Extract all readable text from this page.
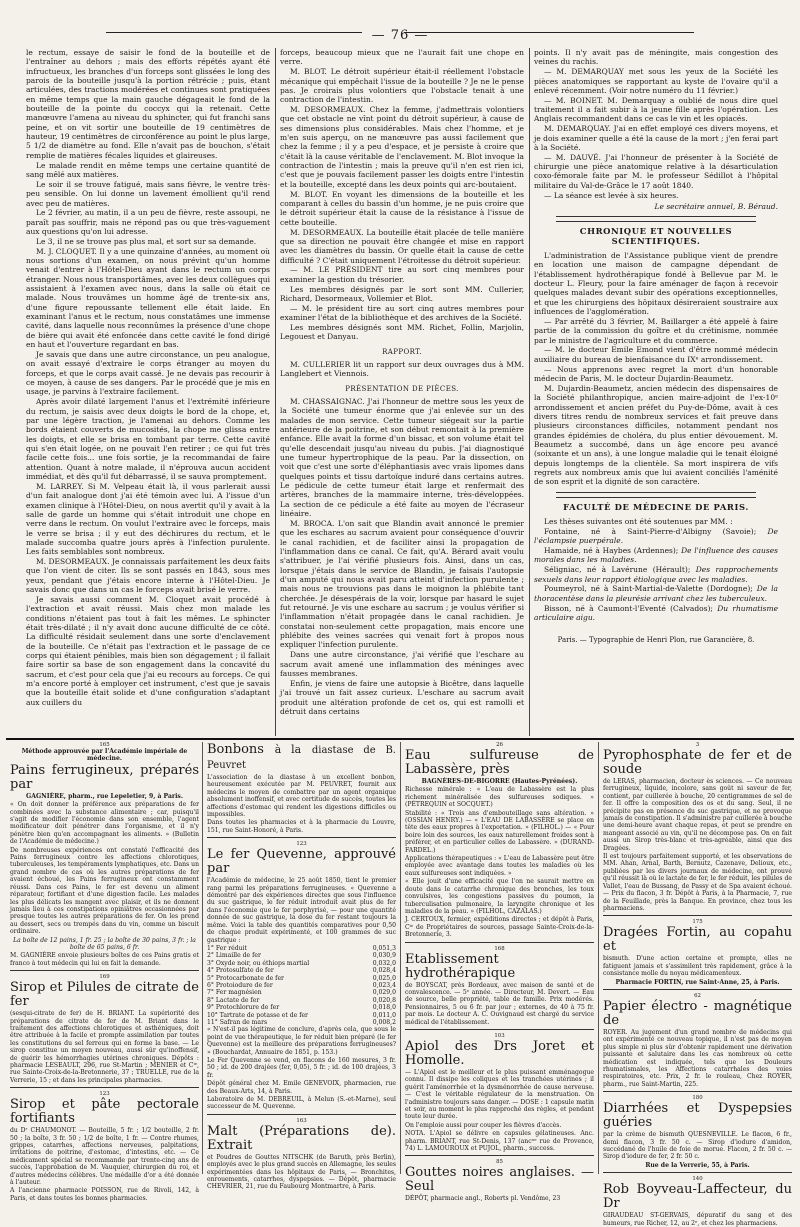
— 76 —

le rectum, essaye de saisir le fond de la bouteille et de l'entraîner au dehors ; mais des efforts répétés ayant été infructueux, les branches d'un forceps sont glissées le long des parois de la bouteille jusqu'à la portion rétrécie ; puis, étant articulées, des tractions modérées et continues sont pratiquées en même temps que la main gauche dégageait le fond de la bouteille de la pointe du coccyx qui la retenait. Cette manœuvre l'amena au niveau du sphincter, qui fut franchi sans peine, et on vit sortir une bouteille de 19 centimètres de hauteur, 19 centimètres de circonférence au point le plus large, 5 1/2 de diamètre au fond. Elle n'avait pas de bouchon, s'était remplie de matières fécales liquides et glaireuses.

Le malade rendit en même temps une certaine quantité de sang mêlé aux matières.

Le soir il se trouve fatigué, mais sans fièvre, le ventre très-peu sensible. On lui donne un lavement émollient qu'il rend avec peu de matières.

Le 2 février, au matin, il a un peu de fièvre, reste assoupi, ne paraît pas souffrir, mais ne répond pas ou que très-vaguement aux questions qu'on lui adresse.

Le 3, il ne se trouve pas plus mal, et sort sur sa demande.

M. J. CLOQUET. Il y a une quinzaine d'années, au moment où nous sortions d'un examen, on nous prévint qu'un homme venait d'entrer à l'Hôtel-Dieu ayant dans le rectum un corps étranger. Nous nous transportâmes, avec les deux collègues qui assistaient à l'examen avec nous, dans la salle où était ce malade. Nous trouvâmes un homme âgé de trente-six ans, d'une figure repoussante tellement elle était laide. En examinant l'anus et le rectum, nous constatâmes une immense cavité, dans laquelle nous reconnûmes la présence d'une chope de bière qui avait été enfoncée dans cette cavité le fond dirigé en haut et l'ouverture regardant en bas.

Je savais que dans une autre circonstance, un peu analogue, on avait essayé d'extraire le corps étranger au moyen du forceps, et que le corps avait cassé. Je ne devais pas recourir à ce moyen, à cause de ses dangers. Par le procédé que je mis en usage, je parvins à l'extraire facilement.

Après avoir dilaté largement l'anus et l'extrémité inférieure du rectum, je saisis avec deux doigts le bord de la chope, et, par une légère traction, je l'amenai au dehors. Comme les bords étaient couverts de mucosités, la chope me glissa entre les doigts, et elle se brisa en tombant par terre. Cette cavité qui s'en était logée, on ne pouvait l'en retirer ; ce qui fut très facile cette fois... une fois sortie, je la recommandai de faire attention. Quant à notre malade, il n'éprouva aucun accident immédiat, et dès qu'il fut débarrassé, il se sauva promptement.

M. LARREY. Si M. Velpeau était là, il vous parlerait aussi d'un fait analogue dont j'ai été témoin avec lui. A l'issue d'un examen clinique à l'Hôtel-Dieu, on nous avertit qu'il y avait à la salle de garde un homme qui s'était introduit une chope en verre dans le rectum. On voulut l'extraire avec le forceps, mais le verre se brisa ; il y eut des déchirures du rectum, et le malade succomba quatre jours après à l'infection purulente. Les faits semblables sont nombreux.

M. DESORMEAUX. Je connaissais parfaitement les deux faits que l'on vient de citer. Ils se sont passés en 1843, sous mes yeux, pendant que j'étais encore interne à l'Hôtel-Dieu. Je savais donc que dans un cas le forceps avait brisé le verre.

Je savais aussi comment M. Cloquet avait procédé à l'extraction et avait réussi. Mais chez mon malade les conditions n'étaient pas tout à fait les mêmes. Le sphincter était très-dilaté ; il n'y avait donc aucune difficulté de ce côté. La difficulté résidait seulement dans une sorte d'enclavement de la bouteille. Ce n'était pas l'extraction et le passage de ce corps qui étaient pénibles, mais bien son dégagement ; il fallait faire sortir sa base de son engagement dans la concavité du sacrum, et c'est pour cela que j'ai eu recours au forceps. Ce qui m'a encore porté à employer cet instrument, c'est que je savais que la bouteille était solide et d'une configuration s'adaptant aux cuillers du

forceps, beaucoup mieux que ne l'aurait fait une chope en verre.

M. BLOT. Le détroit supérieur était-il réellement l'obstacle mécanique qui empêchait l'issue de la bouteille ? Je ne le pense pas. Je croirais plus volontiers que l'obstacle tenait à une contraction de l'intestin.

M. DESORMEAUX. Chez la femme, j'admettrais volontiers que cet obstacle ne vînt point du détroit supérieur, à cause de ses dimensions plus considérables. Mais chez l'homme, et je m'en suis aperçu, on ne manœuvre pas aussi facilement que chez la femme ; il y a peu d'espace, et je persiste à croire que c'était là la cause véritable de l'enclavement. M. Blot invoque la contraction de l'intestin ; mais la preuve qu'il n'en est rien ici, c'est que je pouvais facilement passer les doigts entre l'intestin et la bouteille, excepté dans les deux points qui arc-boutaient.

M. BLOT. En voyant les dimensions de la bouteille et les comparant à celles du bassin d'un homme, je ne puis croire que le détroit supérieur était la cause de la résistance à l'issue de cette bouteille.

M. DESORMEAUX. La bouteille était placée de telle manière que sa direction ne pouvait être changée et mise en rapport avec les diamètres du bassin. Or quelle était la cause de cette difficulté ? C'était uniquement l'étroitesse du détroit supérieur.

— M. LE PRÉSIDENT tire au sort cinq membres pour examiner la gestion du trésorier.

Les membres désignés par le sort sont MM. Cullerier, Richard, Desormeaux, Vollemier et Blot.

— M. le président tire au sort cinq autres membres pour examiner l'état de la bibliothèque et des archives de la Société.

Les membres désignés sont MM. Richet, Follin, Marjolin, Legouest et Danyau.

RAPPORT.

M. CULLERIER lit un rapport sur deux ouvrages dus à MM. Langlebert et Viennois.

PRÉSENTATION DE PIÈCES.

M. CHASSAIGNAC. J'ai l'honneur de mettre sous les yeux de la Société une tumeur énorme que j'ai enlevée sur un des malades de mon service. Cette tumeur siégeait sur la partie antérieure de la poitrine, et son début remontait à la première enfance. Elle avait la forme d'un bissac, et son volume était tel qu'elle descendait jusqu'au niveau du pubis. J'ai diagnostiqué une tumeur hypertrophique de la peau. Par la dissection, on voit que c'est une sorte d'éléphantiasis avec vrais lipomes dans quelques points et tissu dartoïque induré dans certains autres. Le pédicule de cette tumeur était large et renfermait des artères, branches de la mammaire interne, très-développées. La section de ce pédicule a été faite au moyen de l'écraseur linéaire.

M. BROCA. L'on sait que Blandin avait annoncé le premier que les eschares au sacrum avaient pour conséquence d'ouvrir le canal rachidien, et de faciliter ainsi la propagation de l'inflammation dans ce canal. Ce fait, qu'A. Bérard avait voulu s'attribuer, je l'ai vérifié plusieurs fois. Ainsi, dans un cas, lorsque j'étais dans le service de Blandin, je faisais l'autopsie d'un amputé qui nous avait paru atteint d'infection purulente ; mais nous ne trouvions pas dans le moignon la phlébite tant cherchée. Je désespérais de la voir, lorsque par hasard le sujet fut retourné. Je vis une eschare au sacrum ; je voulus vérifier si l'inflammation n'était propagée dans le canal rachidien. Je constatai non-seulement cette propagation, mais encore une phlébite des veines sacrées qui venait fort à propos nous expliquer l'infection purulente.

Dans une autre circonstance, j'ai vérifié que l'eschare au sacrum avait amené une inflammation des méninges avec fausses membranes.

Enfin, je viens de faire une autopsie à Bicêtre, dans laquelle j'ai trouvé un fait assez curieux. L'eschare au sacrum avait produit une altération profonde de cet os, qui est ramolli et détruit dans certains

points. Il n'y avait pas de méningite, mais congestion des veines du rachis.

— M. DEMARQUAY met sous les yeux de la Société les pièces anatomiques se rapportant au kyste de l'ovaire qu'il a enlevé récemment. (Voir notre numéro du 11 février.)

— M. BOINET. M. Demarquay a oublié de nous dire quel traitement il a fait subir à la jeune fille après l'opération. Les Anglais recommandent dans ce cas le vin et les opiacés.

M. DEMARQUAY. J'ai en effet employé ces divers moyens, et je dois examiner quelle a été la cause de la mort ; j'en ferai part à la Société.

— M. DAUVÉ. J'ai l'honneur de présenter à la Société de chirurgie une pièce anatomique relative à la désarticulation coxo-fémorale faite par M. le professeur Sédillot à l'hôpital militaire du Val-de-Grâce le 17 août 1840.

— La séance est levée à six heures.

Le secrétaire annuel, B. Béraud.

CHRONIQUE ET NOUVELLES SCIENTIFIQUES.

L'administration de l'Assistance publique vient de prendre en location une maison de campagne dépendant de l'établissement hydrothérapique fondé à Bellevue par M. le docteur L. Fleury, pour la faire aménager de façon à recevoir quelques malades devant subir des opérations exceptionnelles, et que les chirurgiens des hôpitaux désireraient soustraire aux influences de l'agglomération.

— Par arrêté du 3 février, M. Baillarger a été appelé à faire partie de la commission du goître et du crétinisme, nommée par le ministre de l'agriculture et du commerce.

— M. le docteur Emile Emond vient d'être nommé médecin auxiliaire du bureau de bienfaisance du IXᵉ arrondissement.

— Nous apprenons avec regret la mort d'un honorable médecin de Paris, M. le docteur Dujardin-Beaumetz.

M. Dujardin-Beaumetz, ancien médecin des dispensaires de la Société philanthropique, ancien maire-adjoint de l'ex-10ᵉ arrondissement et ancien préfet du Puy-de-Dôme, avait à ces divers titres rendu de nombreux services et fait preuve dans plusieurs circonstances difficiles, notamment pendant nos grandes épidémies de choléra, du plus entier dévouement. M. Beaumetz a succombé, dans un âge encore peu avancé (soixante et un ans), à une longue maladie qui le tenait éloigné depuis longtemps de la clientèle. Sa mort inspirera de vifs regrets aux nombreux amis que lui avaient conciliés l'aménité de son esprit et la dignité de son caractère.

FACULTÉ DE MÉDECINE DE PARIS.

Les thèses suivantes ont été soutenues par MM. :

Fontaine, né à Saint-Pierre-d'Albigny (Savoie); De l'éclampsie puerpérale.

Hamaide, né à Haybes (Ardennes); De l'influence des causes morales dans les maladies.

Séligniac, né à Lavérune (Hérault); Des rapprochements sexuels dans leur rapport étiologique avec les maladies.

Poumeyrol, né à Saint-Martial-de-Valette (Dordogne); De la thoracentèse dans la pleurésie arrivant chez les tuberculeux.

Bisson, né à Caumont-l'Eventé (Calvados); Du rhumatisme articulaire aigu.

Paris. — Typographie de Henri Plon, rue Garancière, 8.

165
Méthode approuvée par l'Académie impériale de médecine.
Pains ferrugineux, préparés par

GAGNIÈRE, pharm., rue Lepeletier, 9, à Paris.

« On doit donner la préférence aux préparations de fer combinées avec la substance alimentaire ; car, puisqu'il s'agit de modifier l'économie dans son ensemble, l'agent modificateur doit pénétrer dans l'organisme, et il n'y pénètre bien qu'en accompagnant les aliments. » (Bulletin de l'Académie de médecine.)

De nombreuses expériences ont constaté l'efficacité des Pains ferrugineux contre les affections chlorotiques, tuberculeuses, les tempéraments lymphatiques, etc. Dans un grand nombre de cas où les autres préparations de fer avaient échoué, les Pains ferrugineux ont constamment réussi. Dans ces Pains, le fer est devenu un aliment réparateur, fortifiant et d'une digestion facile. Les malades les plus délicats les mangent avec plaisir, et ils ne donnent jamais lieu à ces constipations opiniâtres occasionnées par presque toutes les autres préparations de fer. On les prend au dessert, secs ou trempés dans du vin, comme un biscuit ordinaire.

La boîte de 12 pains, 1 fr. 25 ; la boîte de 30 pains, 3 fr. ; la boîte de 65 pains, 6 fr.

M. GAGNIÈRE envoie plusieurs boîtes de ces Pains gratis et franco à tout médecin qui lui en fait la demande.

169
Sirop et Pilules de citrate de fer

(sesqui-citrate de fer) de H. BRIANT. La supériorité des préparations de citrate de fer de M. Briant dans le traitement des affections chlorotiques et asthéniques, doit être attribuée à la facile et prompte assimilation par toutes les constitutions du sel ferreux qui en forme la base. — Le sirop constitue un moyen nouveau, aussi sûr qu'inoffensif, de guérir les hémorrhagies utérines chroniques. Dépôts : pharmacie LESEAULT, 296, rue St-Martin ; MENIER et Cⁱᵉ, rue Sainte-Croix-de-la-Bretonnerie, 37 ; TRUELLE, rue de la Verrerie, 15 ; et dans les principales pharmacies.

123
Sirop et pâte pectorale fortifiants

du Dʳ CHAUMONOT. — Bouteille, 5 fr. ; 1/2 bouteille, 2 fr. 50 ; la boîte, 3 fr. 50 ; 1/2 de boîte, 1 fr. — Contre rhumes, grippes, catarrhes, affections nerveuses, palpitations, irritations de poitrine, d'estomac, d'intestins, etc. — Ce médicament spécial se recommande par trente-cinq ans de succès, l'approbation de M. Vauquier, chirurgien du roi, et d'autres médecins célèbres. Une médaille d'or a été donnée à l'auteur.

A l'ancienne pharmacie POISSON, rue de Rivoli, 142, à Paris, et dans toutes les bonnes pharmacies.

Bonbons à la diastase de B. Peuvret

L'association de la diastase à un excellent bonbon, heureusement exécutée par M. PEUVRET, fournit aux médecins le moyen de combattre par un agent organique absolument inoffensif, et avec certitude de succès, toutes les affections d'estomac qui rendent les digestions difficiles ou impossibles.

Dans toutes les pharmacies et à la pharmacie du Louvre, 151, rue Saint-Honoré, à Paris.

123
Le fer Quevenne, approuvé par

l'Académie de médecine, le 25 août 1850, tient le premier rang parmi les préparations ferrugineuses. « Quevenne a démontré par des expériences directes que sous l'influence du suc gastrique, le fer réduit introduit avait plus de fer dans l'économie que le fer porphyrisé, — pour une quantité donnée de suc gastrique, la dose du fer restant toujours la même. Voici la table des quantités comparatives pour 0,50 de chaque produit expérimenté, et 100 grammes de suc gastrique :

1° Fer réduit	0,051,3
2° Limaille de fer	0,030,9
3° Oxyde noir, ou éthiops martial	0,032,0
4° Protosulfate de fer	0,028,4
5° Protocarbonate de fer	0,025,0
6° Protoiodure de fer	0,023,4
7° Fer magnésien	0,029,0
8° Lactate de fer	0,020,8
9° Protochlorure de fer	0,018,0
10° Tartrate de potasse et de fer	0,011,0
11° Safran de mars	0,008,2

« N'est-il pas légitime de conclure, d'après cela, que sous le point de vue thérapeutique, le fer réduit bien préparé (le fer Quevenne) est la meilleure des préparations ferrugineuses? » (Bouchardat, Annuaire de 1851, p. 153.)

Le Fer Quevenne se vend, en flacons de 160 mesures, 3 fr. 50 ; id. de 200 drajées (fer, 0,05), 5 fr. ; id. de 100 drajées, 3 fr.

Dépôt général chez M. Emile GENEVOIX, pharmacien, rue des Beaux-Arts, 14, à Paris.

Laboratoire de M. DEBREUIL, à Melun (S.-et-Marne), seul successeur de M. Quevenne.

163
Malt (Préparations de). Extrait

et Poudres de Gouttes NITSCHK (de Baruth, près Berlin), employés avec le plus grand succès en Allemagne, les seules expérimentées dans les hôpitaux de Paris, — Bronchites, enrouements, catarrhes, dyspepsies. — Dépôt, pharmacie CHEVRIER, 21, rue du Faubourg Montmartre, à Paris.

26
Eau sulfureuse de Labassère, près

BAGNÈRES-DE-BIGORRE (Hautes-Pyrénées).

Richesse minérale : « L'eau de Labassère est la plus richement minéralisée des sulfureuses sodiques. » (PÉTREQUIN et SOCQUET.)

Stabilité : « Trois ans d'embouteillage sans altération. » (OSSIAN HENRY.) — « L'EAU DE LABASSÈRE se place en tête des eaux propres à l'exportation. » (FILHOL.) — « Pour boire loin des sources, les eaux naturellement froides sont à préférer, et en particulier celles de Labassère. » (DURAND-FARDEL.)

Applications thérapeutiques : « L'eau de Labassère peut être employée avec avantage dans toutes les maladies où les eaux sulfureuses sont indiquées. »

« Elle jouit d'une efficacité que l'on ne saurait mettre en doute dans le catarrhe chronique des bronches, les toux convulsives, les congestions passives du poumon, la tuberculisation pulmonaire, la laryngite chronique et les maladies de la peau. » (FILHOL, CAZALAS.)

J. CERTOUX, fermier, expéditions directes ; et dépôt à Paris, Cⁱᵉ de Propriétaires de sources, passage Sainte-Croix-de-la-Bretonnerie, 3.

168
Etablissement hydrothérapique

de BOYSCAT, près Bordeaux, avec maison de santé et de convalescence. — 5ᵉ année. — Directeur, M. Devert. — Eau de source, belle propriété, table de famille. Prix modérés. Pensionnaires, 5 ou 6 fr. par jour ; externes, de 40 à 75 fr. par mois. Le docteur A. C. Ouvignaud est chargé du service médical de l'établissement.

103
Apiol des Drs Joret et Homolle.

— L'Apiol est le meilleur et le plus puissant emménagogue connu. Il dissipe les coliques et les tranchées utérines ; il guérit l'aménorrhée et la dysménorrhée de cause nerveuse. — C'est le véritable régulateur de la menstruation. On l'administre toujours sans danger. — DOSE : 1 capsule matin et soir, au moment le plus rapproché des règles, et pendant toute leur durée.

On l'emploie aussi pour couper les fièvres d'accès.

NOTA. L'Apiol se délivre en capsules gélatineuses. Anc. pharm. BRIANT, rue St-Denis, 137 (ancⁿᵉ rue de Provence, 74) L. LAMOUROUX et PUJOL, pharm., success.

85
Gouttes noires anglaises. — Seul

DÉPÔT, pharmacie angl., Roberts pl. Vendôme, 23

3
Pyrophosphate de fer et de soude

de LERAS, pharmacien, docteur ès sciences. — Ce nouveau ferrugineux, liquide, incolore, sans goût ni saveur de fer, contient, par cuillerée à bouche, 20 centigrammes de sel de fer. Il offre la composition des os et du sang. Seul, il ne précipite pas en présence du suc gastrique, et ne provoque jamais de constipation. Il s'administre par cuillerée à bouche une demi-heure avant chaque repas, et peut se prendre en mangeant associé au vin, qu'il ne décompose pas. On en fait aussi un Sirop très-blanc et très-agréable, ainsi que des Dragées.

Il est toujours parfaitement supporté, et les observations de MM. Ahan, Arnal, Barth, Bernutz, Cazenave, Delioux, etc., publiées par les divers journaux de médecine, ont prouvé qu'il réussit là où le lactate de fer, le fer réduit, les pilules de Vallet, l'eau de Bussang, de Passy et de Spa avaient échoué. — Prix du flacon, 3 fr. Dépôt à Paris, à la Pharmacie, 7, rue de la Feuillade, près la Banque. En province, chez tous les pharmaciens.

175
Dragées Fortin, au copahu et

bismuth. D'une action certaine et prompte, elles ne fatiguent jamais et s'assimilent très rapidement, grâce à la consistance molle du noyau médicamenteux.

Pharmacie FORTIN, rue Saint-Anne, 25, à Paris.

62
Papier électro - magnétique de

ROYER. Au jugement d'un grand nombre de médecins qui ont expérimenté ce nouveau topique, il n'est pas de moyen plus simple ni plus sûr d'obtenir rapidement une dérivation puissante et salutaire dans les cas nombreux où cette médication est indiquée, tels que les Douleurs rhumatismales, les Affections catarrhales des voies respiratoires, etc. Prix, 2 fr. le rouleau, Chez ROYER, pharm., rue Saint-Martin, 225.

180
Diarrhées et Dyspepsies guéries

par la crème de bismuth QUESNEVILLE. Le flacon, 6 fr., demi flacon, 3 fr. 50 c. — Sirop d'iodure d'amidon, succédané de l'huile de foie de morue. Flacon, 2 fr. 50 c. — Sirop d'iodure de fer, 2 fr. 50 c.

Rue de la Verrerie, 55, à Paris.

140
Rob Boyveau-Laffecteur, du Dr

GIRAUDEAU ST-GERVAIS, dépuratif du sang et des humeurs, rue Richer, 12, au 2ᵉ, et chez les pharmaciens.
